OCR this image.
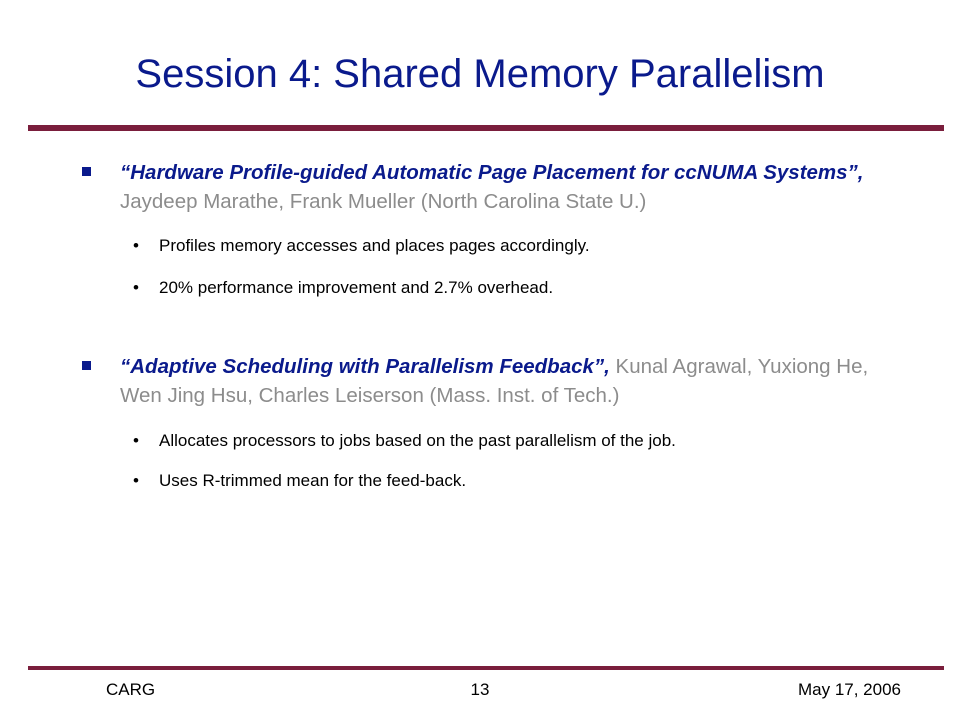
Session 4: Shared Memory Parallelism

“Hardware Profile-guided Automatic Page Placement for ccNUMA Systems”, Jaydeep Marathe, Frank Mueller (North Carolina State U.)

• Profiles memory accesses and places pages accordingly.
• 20% performance improvement and 2.7% overhead.

“Adaptive Scheduling with Parallelism Feedback”, Kunal Agrawal, Yuxiong He, Wen Jing Hsu, Charles Leiserson (Mass. Inst. of Tech.)

• Allocates processors to jobs based on the past parallelism of the job.
• Uses R-trimmed mean for the feed-back.
CARG	13	May 17, 2006
